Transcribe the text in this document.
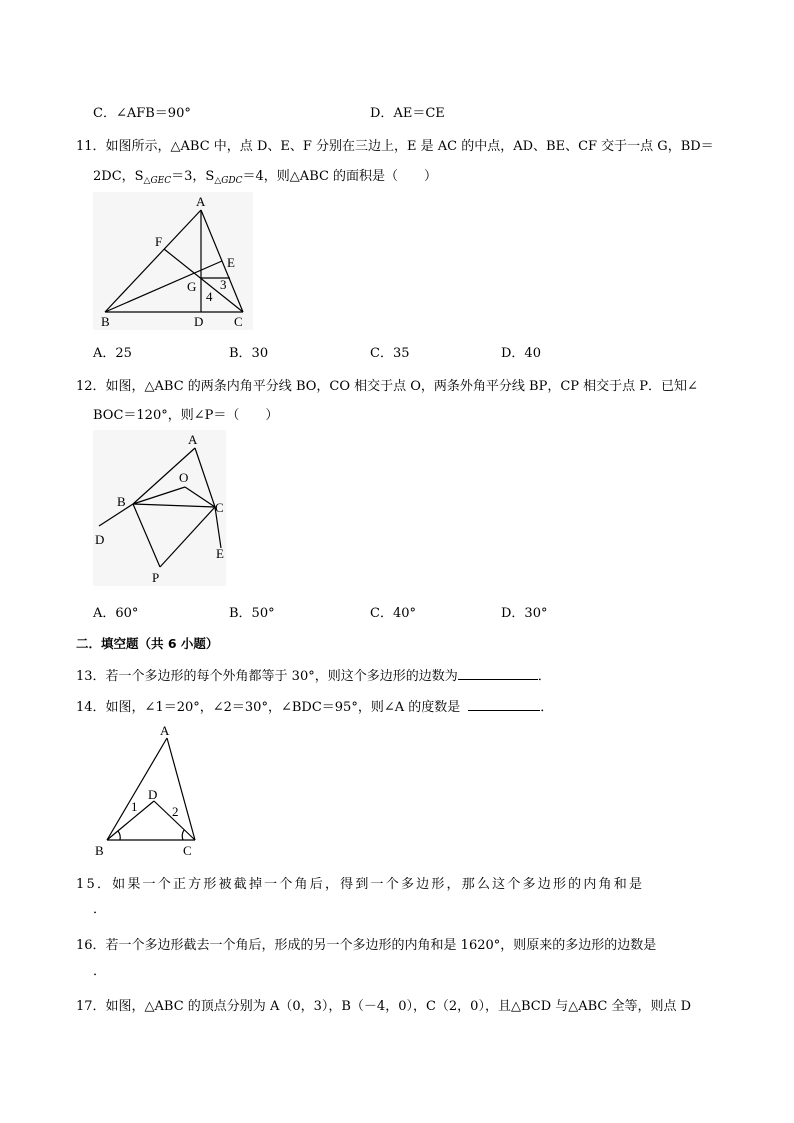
C．∠AFB＝90°	D．AE＝CE
11．如图所示，△ABC 中，点 D、E、F 分别在三边上，E 是 AC 的中点，AD、BE、CF 交于一点 G，BD＝
2DC，$S_{\triangle GEC}=3$，$S_{\triangle GDC}=4$，则△ABC 的面积是（　　）
A
F
E
G
4
3
B	D C
A．25	B．30	C．35	D．40
12．如图，△ABC 的两条内角平分线 BO，CO 相交于点 O，两条外角平分线 BP，CP 相交于点 P．已知∠
BOC＝120°，则∠P＝（　　）
A
O
B	C
D
E
P
A．60°	B．50°	C．40°	D．30°
二．填空题（共 6 小题）
13．若一个多边形的每个外角都等于 30°，则这个多边形的边数为	．
14．如图，∠1＝20°，∠2＝30°，∠BDC＝95°，则∠A 的度数是	．
A
D
1	2
B	C
15．如果一个正方形被截掉一个角后，得到一个多边形，那么这个多边形的内角和是
．
16．若一个多边形截去一个角后，形成的另一个多边形的内角和是 1620°，则原来的多边形的边数是
．
17．如图，△ABC 的顶点分别为 A（0，3），B（－4，0），C（2，0），且△BCD 与△ABC 全等，则点 D
